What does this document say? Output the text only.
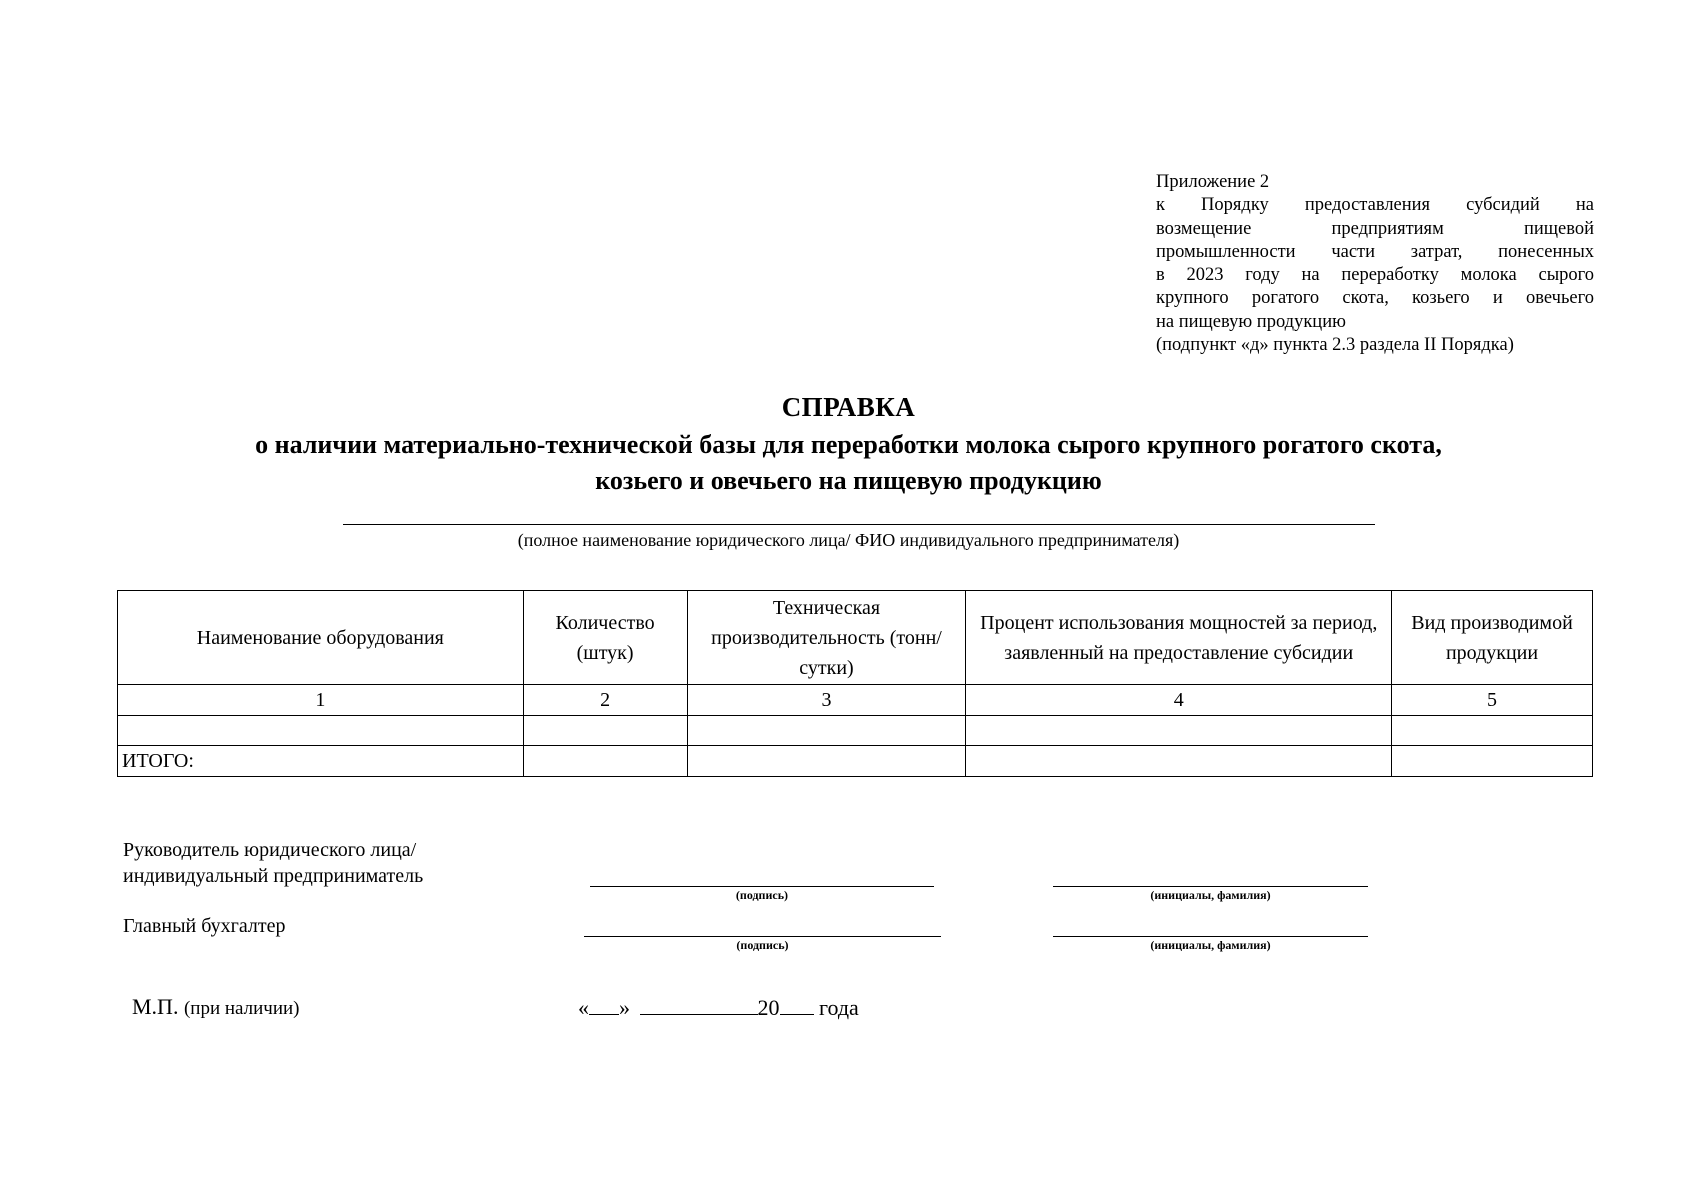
Приложение 2
к Порядку предоставления субсидий на
возмещение предприятиям пищевой
промышленности части затрат, понесенных
в 2023 году на переработку молока сырого
крупного рогатого скота, козьего и овечьего
на пищевую продукцию
(подпункт «д» пункта 2.3 раздела II Порядка)
СПРАВКА
о наличии материально-технической базы для переработки молока сырого крупного рогатого скота,
козьего и овечьего на пищевую продукцию
(полное наименование юридического лица/ ФИО индивидуального предпринимателя)
Наименование оборудования	Количество (штук)	Техническая производительность (тонн/сутки)	Процент использования мощностей за период, заявленный на предоставление субсидии	Вид производимой продукции
1	2	3	4	5

ИТОГО:				
Руководитель юридического лица/
индивидуальный предприниматель
(подпись)	(инициалы, фамилия)
Главный бухгалтер
(подпись)	(инициалы, фамилия)
М.П. (при наличии)	« »	20 года
